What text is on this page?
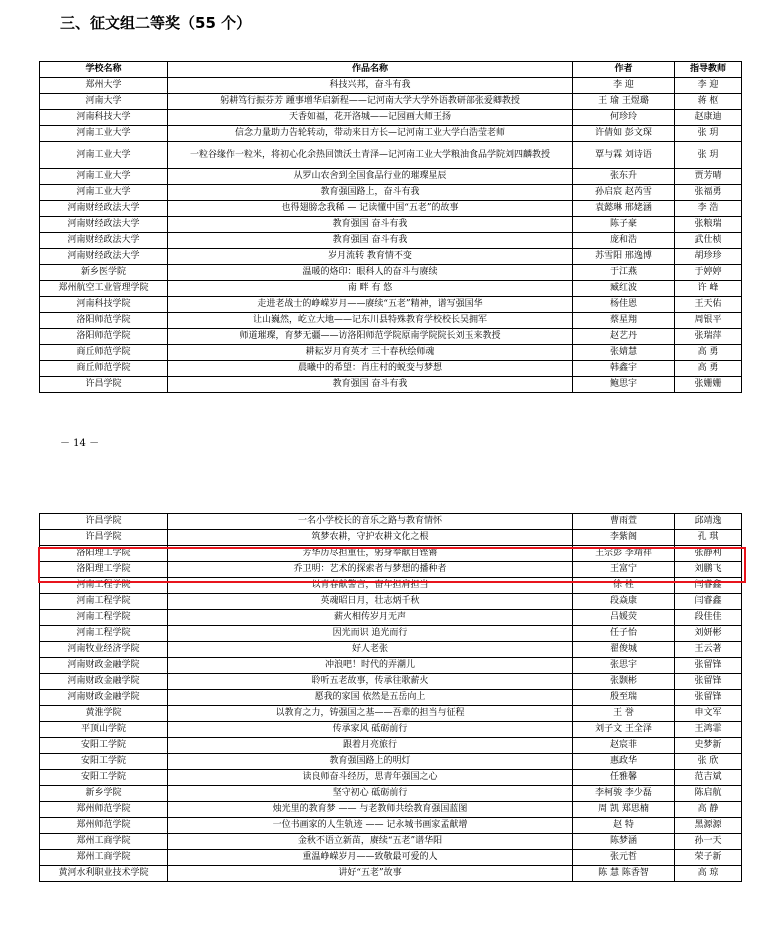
三、征文组二等奖（55 个）
学校名称	作品名称	作者	指导教师
郑州大学	科技兴邦，奋斗有我	李 迎	李 迎
河南大学	躬耕笃行振芬芳 踵事增华启新程——记河南大学大学外语教研部张爱卿教授	王 瑜 王煜璐	蒋 枢
河南科技大学	天香如福，花开洛城——记园画大师王扬	何珍玲	赵康迪
河南工业大学	信念力量助力告轮转动，带动来日方长—记河南工业大学白浩莹老师	许倩如 彭文琛	张 玥
河南工业大学	一粒谷缘作一粒米，将初心化余热回馈沃土青泽—记河南工业大学粮油食品学院刘四麟教授	覃与霖 刘诗语	张 玥
河南工业大学	从罗山农舍到全国食品行业的璀璨星辰	张东升	贾芳晴
河南工业大学	教育强国路上，奋斗有我	孙启宸 赵芮雪	张福勇
河南财经政法大学	也得翅膀念我稀 — 记读懂中国“五老”的故事	袁懿琳 邢姥涵	李 浩
河南财经政法大学	教育强国 奋斗有我	陈子豪	张粮瑞
河南财经政法大学	教育强国 奋斗有我	庞和浩	武仕桢
河南财经政法大学	岁月流转 教育情不变	苏雪阳 邢逸博	胡珍珍
新乡医学院	温暖的烙印：眼科人的奋斗与赓续	于江燕	于婷婷
郑州航空工业管理学院	南 畔 有 悠	臧红波	许 峰
河南科技学院	走进老战士的峥嵘岁月——赓续“五老”精神，谱写强国华	杨佳恩	王天佑
洛阳师范学院	让山巍然，屹立大地——记东川县特殊教育学校校长吴拥军	蔡星翔	周银平
洛阳师范学院	师道璀璨，育梦无疆——访洛阳师范学院原南学院院长刘玉来教授	赵艺丹	张瑞萍
商丘师范学院	耕耘岁月育英才 三十春秋绘师魂	张婧慧	高 勇
商丘师范学院	晨曦中的希望：肖庄村的蜕变与梦想	韩鑫宇	高 勇
许昌学院	教育强国 奋斗有我	鲍思宇	张姗姗
－ 14 －
许昌学院	一名小学校长的音乐之路与教育情怀	曹雨萱	邱靖逸
许昌学院	筑梦农耕，守护农耕文化之根	李紫阁	孔 琪
洛阳理工学院	芳华历尽担重任，躬身奉献自铿锵	王宗彭 李靖祥	张静利
洛阳理工学院	乔卫明：艺术的探索者与梦想的播种者	王富宁	刘鹏飞
河南工程学院	以青春献警言，奋年担肩担当	徐 栓	闫睿鑫
河南工程学院	英魂昭日月，壮志炳千秋	段焱康	闫睿鑫
河南工程学院	薪火相传岁月无声	吕媛荧	段佳佳
河南工程学院	因光而识 追光而行	任子怡	刘妍彬
河南牧业经济学院	好人老张	翟俊城	王云著
河南财政金融学院	冲浪吧！时代的弄潮儿	张思宇	张留锋
河南财政金融学院	聆听五老故事，传承往歌薪火	张颢彬	张留锋
河南财政金融学院	愿我的家国 依然是五岳向上	殷至瑞	张留锋
黄淮学院	以教育之力，铸强国之基——吾辈的担当与征程	王 誉	申文军
平顶山学院	传承家风 砥砺前行	刘子文 王全泽	王鸿霏
安阳工学院	跟着月亮旅行	赵宸菲	史梦新
安阳工学院	教育强国路上的明灯	惠政华	张 欣
安阳工学院	读良师奋斗经历，思青年强国之心	任雅馨	范吉斌
新乡学院	坚守初心 砥砺前行	李柯骏 李少磊	陈启航
郑州师范学院	烛光里的教育梦 —— 与老教师共绘教育强国蓝图	周 凯 郑思楠	高 静
郑州师范学院	一位书画家的人生轨迹 —— 记永城书画家孟献增	赵 特	黑源源
郑州工商学院	金秋不语立新苗，赓续“五老”谱华阳	陈梦涵	孙一天
郑州工商学院	重温峥嵘岁月——致敬最可爱的人	张元哲	荣子新
黄河水利职业技术学院	讲好“五老”故事	陈 慧 陈香智	高 琼
